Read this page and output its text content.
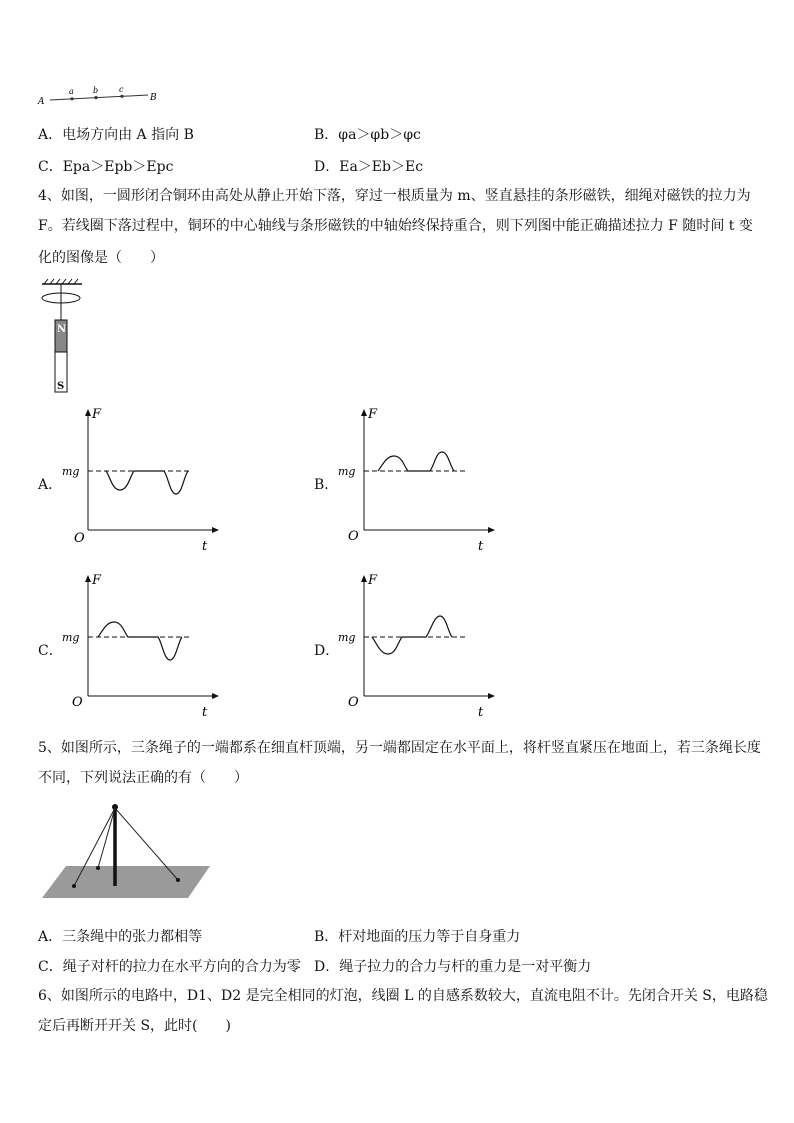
A
a b	c
B
A．电场方向由 A 指向 B	B．φa＞φb＞φc
C．Epa＞Epb＞Epc	D．Ea＞Eb＞Ec
4、如图，一圆形闭合铜环由高处从静止开始下落，穿过一根质量为 m、竖直悬挂的条形磁铁，细绳对磁铁的拉力为
F。若线圈下落过程中，铜环的中心轴线与条形磁铁的中轴始终保持重合，则下列图中能正确描述拉力 F 随时间 t 变
化的图像是（　　）
N
S
A．	B．
C．	D．
F
t
O
mg
F
t
O
mg
F
t
O
mg
F
t
O
mg
5、如图所示，三条绳子的一端都系在细直杆顶端，另一端都固定在水平面上，将杆竖直紧压在地面上，若三条绳长度
不同，下列说法正确的有（　　）
A．三条绳中的张力都相等	B．杆对地面的压力等于自身重力
C．绳子对杆的拉力在水平方向的合力为零 D．绳子拉力的合力与杆的重力是一对平衡力
6、如图所示的电路中，D1、D2 是完全相同的灯泡，线圈 L 的自感系数较大，直流电阻不计。先闭合开关 S，电路稳
定后再断开开关 S，此时(　　)
